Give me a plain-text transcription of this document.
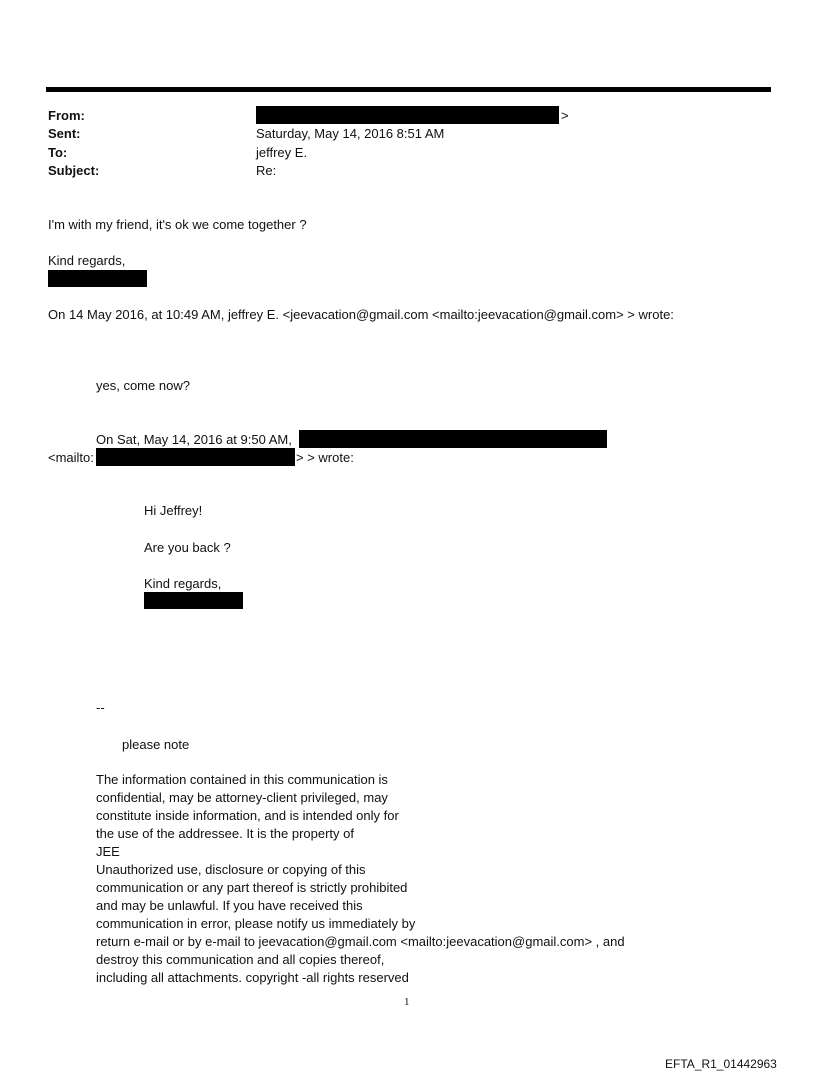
From:	>
Sent:	Saturday, May 14, 2016 8:51 AM
To:	jeffrey E.
Subject:	Re:
I'm with my friend, it's ok we come together ?
Kind regards,
On 14 May 2016, at 10:49 AM, jeffrey E. <jeevacation@gmail.com <mailto:jeevacation@gmail.com> > wrote:
yes, come now?
On Sat, May 14, 2016 at 9:50 AM,
<mailto:	> > wrote:
Hi Jeffrey!
Are you back ?
Kind regards,
--
please note
The information contained in this communication is
confidential, may be attorney-client privileged, may
constitute inside information, and is intended only for
the use of the addressee. It is the property of
JEE
Unauthorized use, disclosure or copying of this
communication or any part thereof is strictly prohibited
and may be unlawful. If you have received this
communication in error, please notify us immediately by
return e-mail or by e-mail to jeevacation@gmail.com <mailto:jeevacation@gmail.com> , and
destroy this communication and all copies thereof,
including all attachments. copyright -all rights reserved
1
EFTA_R1_01442963
